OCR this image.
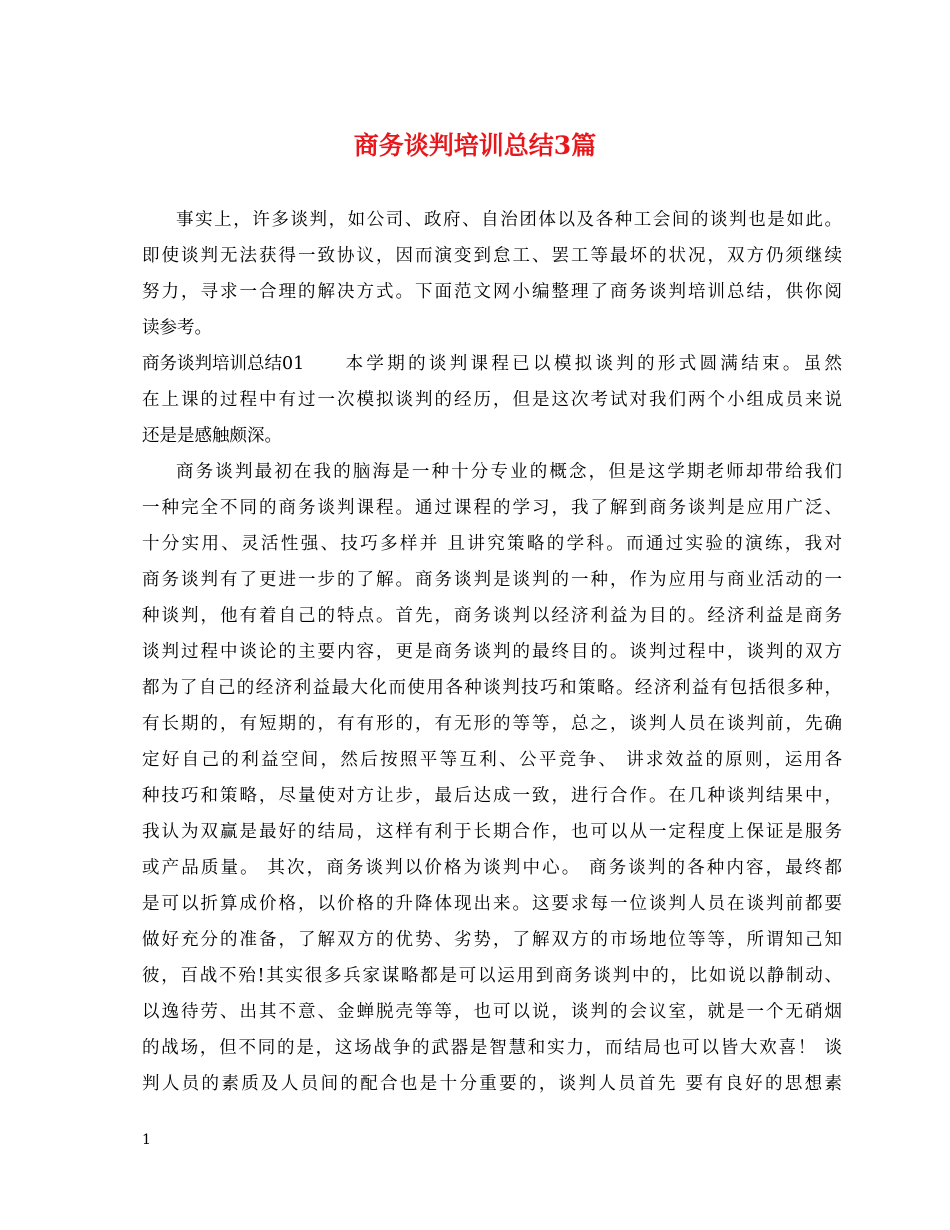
商务谈判培训总结3篇
事实上，许多谈判，如公司、政府、自治团体以及各种工会间的谈判也是如此。
即使谈判无法获得一致协议，因而演变到怠工、罢工等最坏的状况，双方仍须继续
努力，寻求一合理的解决方式。下面范文网小编整理了商务谈判培训总结，供你阅
读参考。
商务谈判培训总结01 本学期的谈判课程已以模拟谈判的形式圆满结束。虽然
在上课的过程中有过一次模拟谈判的经历，但是这次考试对我们两个小组成员来说
还是是感触颇深。
商务谈判最初在我的脑海是一种十分专业的概念，但是这学期老师却带给我们
一种完全不同的商务谈判课程。通过课程的学习，我了解到商务谈判是应用广泛、
十分实用、灵活性强、技巧多样并 且讲究策略的学科。而通过实验的演练，我对
商务谈判有了更进一步的了解。商务谈判是谈判的一种，作为应用与商业活动的一
种谈判，他有着自己的特点。首先，商务谈判以经济利益为目的。经济利益是商务
谈判过程中谈论的主要内容，更是商务谈判的最终目的。谈判过程中，谈判的双方
都为了自己的经济利益最大化而使用各种谈判技巧和策略。经济利益有包括很多种，
有长期的，有短期的，有有形的，有无形的等等，总之，谈判人员在谈判前，先确
定好自己的利益空间，然后按照平等互利、公平竞争、 讲求效益的原则，运用各
种技巧和策略，尽量使对方让步，最后达成一致，进行合作。在几种谈判结果中，
我认为双赢是最好的结局，这样有利于长期合作，也可以从一定程度上保证是服务
或产品质量。 其次，商务谈判以价格为谈判中心。 商务谈判的各种内容，最终都
是可以折算成价格，以价格的升降体现出来。这要求每一位谈判人员在谈判前都要
做好充分的准备，了解双方的优势、劣势，了解双方的市场地位等等，所谓知己知
彼，百战不殆!其实很多兵家谋略都是可以运用到商务谈判中的，比如说以静制动、
以逸待劳、出其不意、金蝉脱壳等等，也可以说，谈判的会议室，就是一个无硝烟
的战场，但不同的是，这场战争的武器是智慧和实力，而结局也可以皆大欢喜！ 谈
判人员的素质及人员间的配合也是十分重要的，谈判人员首先 要有良好的思想素
1
